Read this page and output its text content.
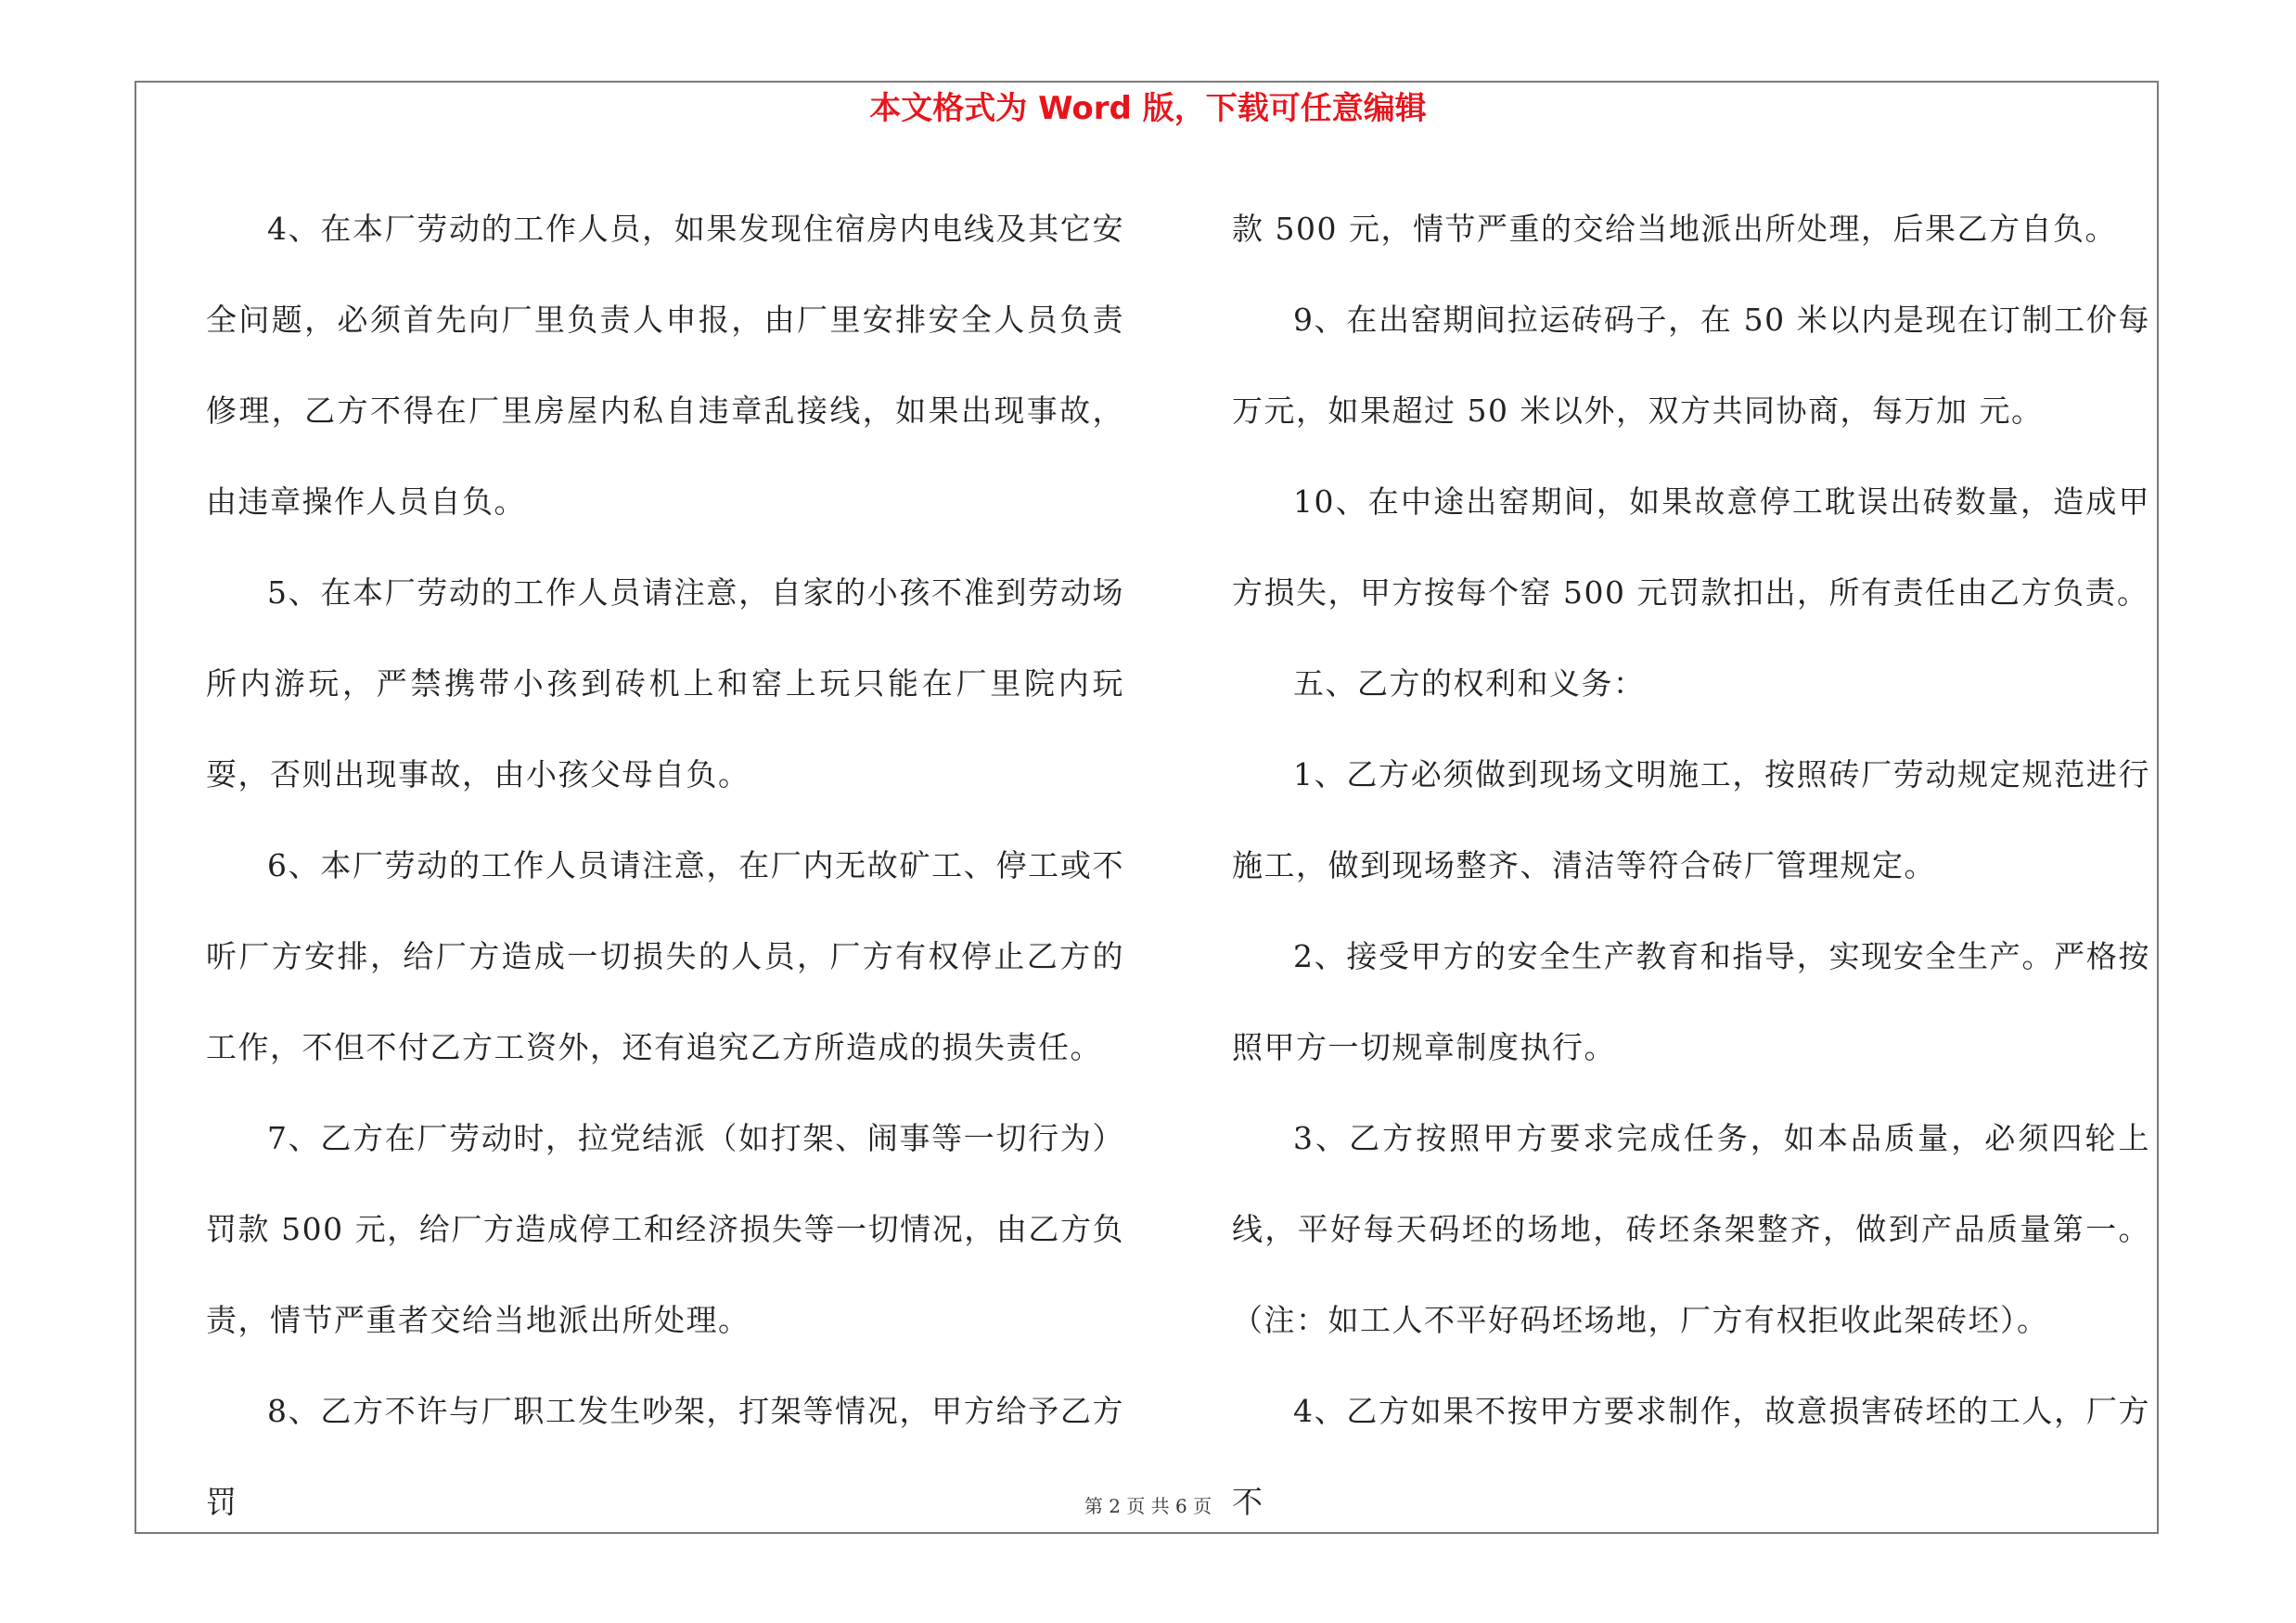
本文格式为 Word 版，下载可任意编辑

4、在本厂劳动的工作人员，如果发现住宿房内电线及其它安全问题，必须首先向厂里负责人申报，由厂里安排安全人员负责修理，乙方不得在厂里房屋内私自违章乱接线，如果出现事故，由违章操作人员自负。

5、在本厂劳动的工作人员请注意，自家的小孩不准到劳动场所内游玩，严禁携带小孩到砖机上和窑上玩只能在厂里院内玩耍，否则出现事故，由小孩父母自负。

6、本厂劳动的工作人员请注意，在厂内无故矿工、停工或不听厂方安排，给厂方造成一切损失的人员，厂方有权停止乙方的工作，不但不付乙方工资外，还有追究乙方所造成的损失责任。

7、乙方在厂劳动时，拉党结派（如打架、闹事等一切行为）罚款 500 元，给厂方造成停工和经济损失等一切情况，由乙方负责，情节严重者交给当地派出所处理。

8、乙方不许与厂职工发生吵架，打架等情况，甲方给予乙方罚

款 500 元，情节严重的交给当地派出所处理，后果乙方自负。

9、在出窑期间拉运砖码子，在 50 米以内是现在订制工价每万元，如果超过 50 米以外，双方共同协商，每万加 元。

10、在中途出窑期间，如果故意停工耽误出砖数量，造成甲方损失，甲方按每个窑 500 元罚款扣出，所有责任由乙方负责。

五、乙方的权利和义务：

1、乙方必须做到现场文明施工，按照砖厂劳动规定规范进行施工，做到现场整齐、清洁等符合砖厂管理规定。

2、接受甲方的安全生产教育和指导，实现安全生产。严格按照甲方一切规章制度执行。

3、乙方按照甲方要求完成任务，如本品质量，必须四轮上线，平好每天码坯的场地，砖坯条架整齐，做到产品质量第一。（注：如工人不平好码坯场地，厂方有权拒收此架砖坯）。

4、乙方如果不按甲方要求制作，故意损害砖坯的工人，厂方不

第 2 页 共 6 页
